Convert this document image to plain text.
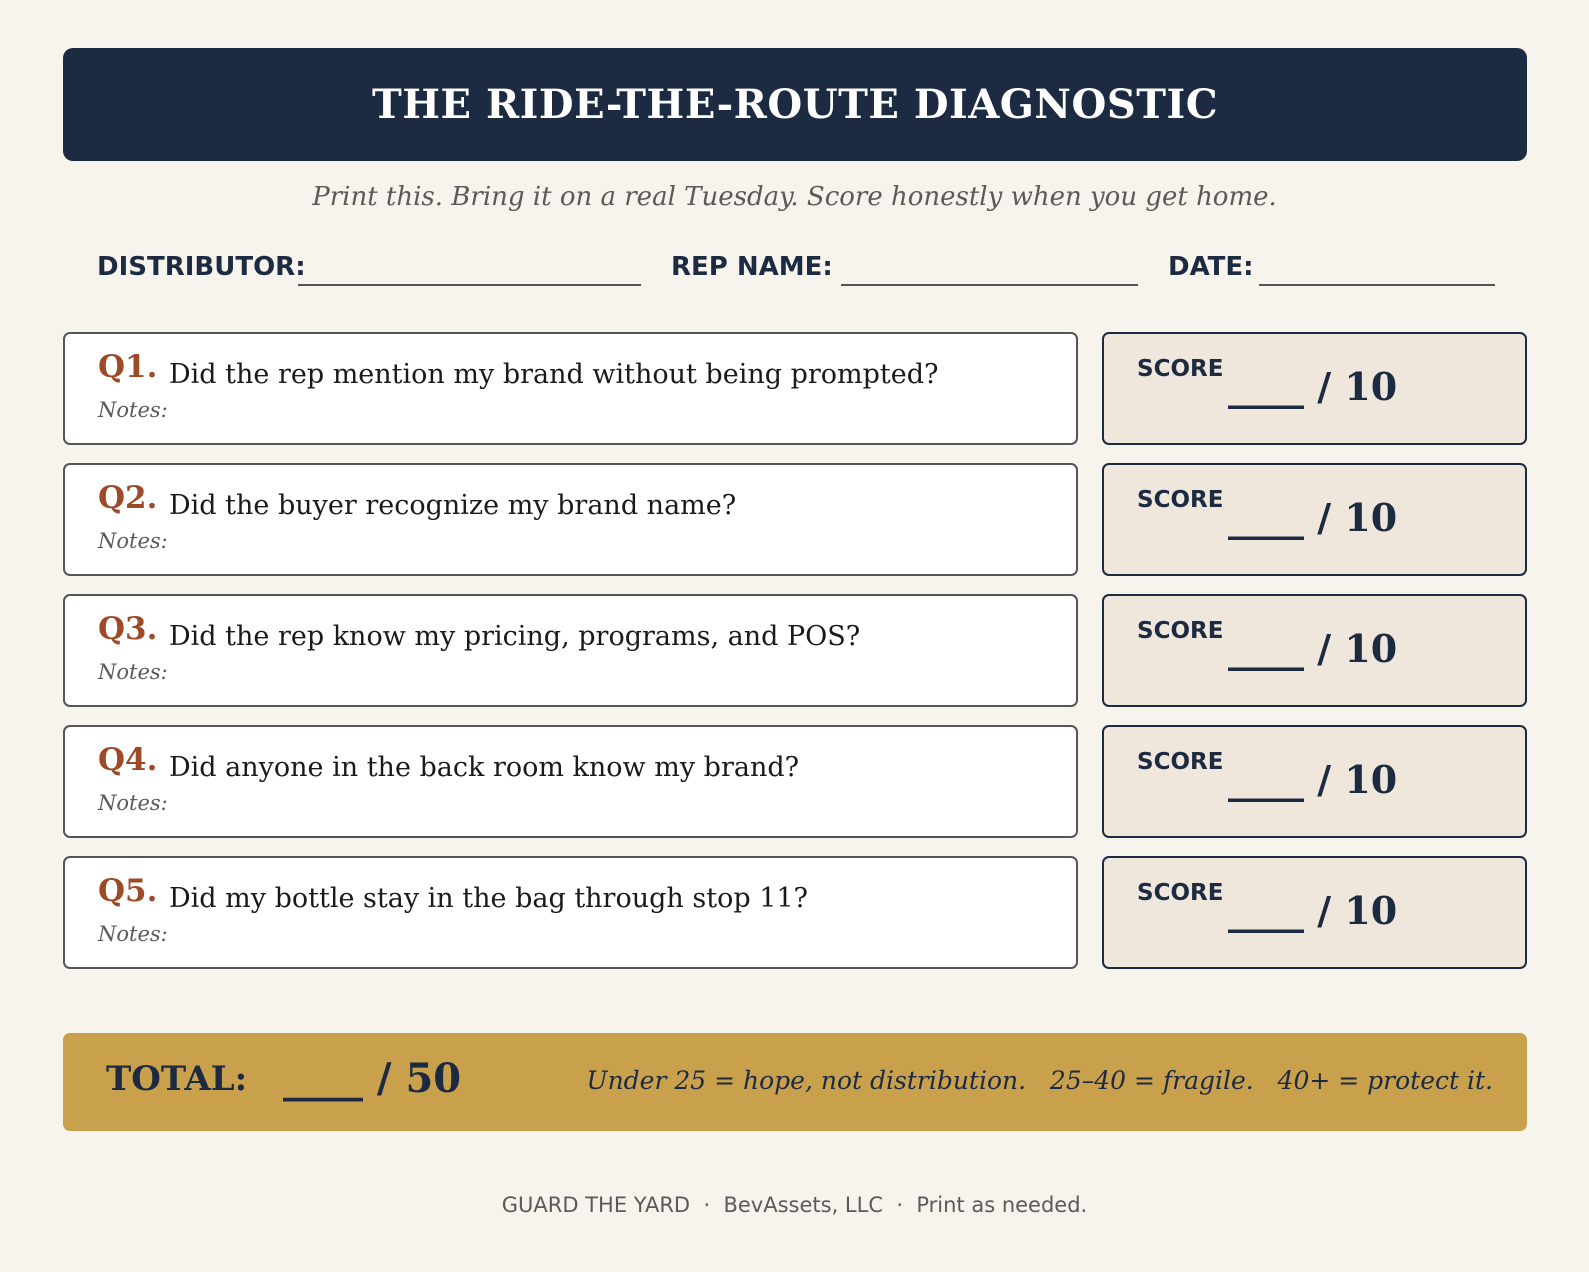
THE RIDE-THE-ROUTE DIAGNOSTIC
Print this. Bring it on a real Tuesday. Score honestly when you get home.
DISTRIBUTOR:	REP NAME:	DATE:
Q1. Did the rep mention my brand without being prompted?
Notes:
SCORE ____ / 10
Q2. Did the buyer recognize my brand name?
Notes:
SCORE ____ / 10
Q3. Did the rep know my pricing, programs, and POS?
Notes:
SCORE ____ / 10
Q4. Did anyone in the back room know my brand?
Notes:
SCORE ____ / 10
Q5. Did my bottle stay in the bag through stop 11?
Notes:
SCORE ____ / 10
TOTAL: ____ / 50	Under 25 = hope, not distribution.   25–40 = fragile.   40+ = protect it.
GUARD THE YARD  ·  BevAssets, LLC  ·  Print as needed.
